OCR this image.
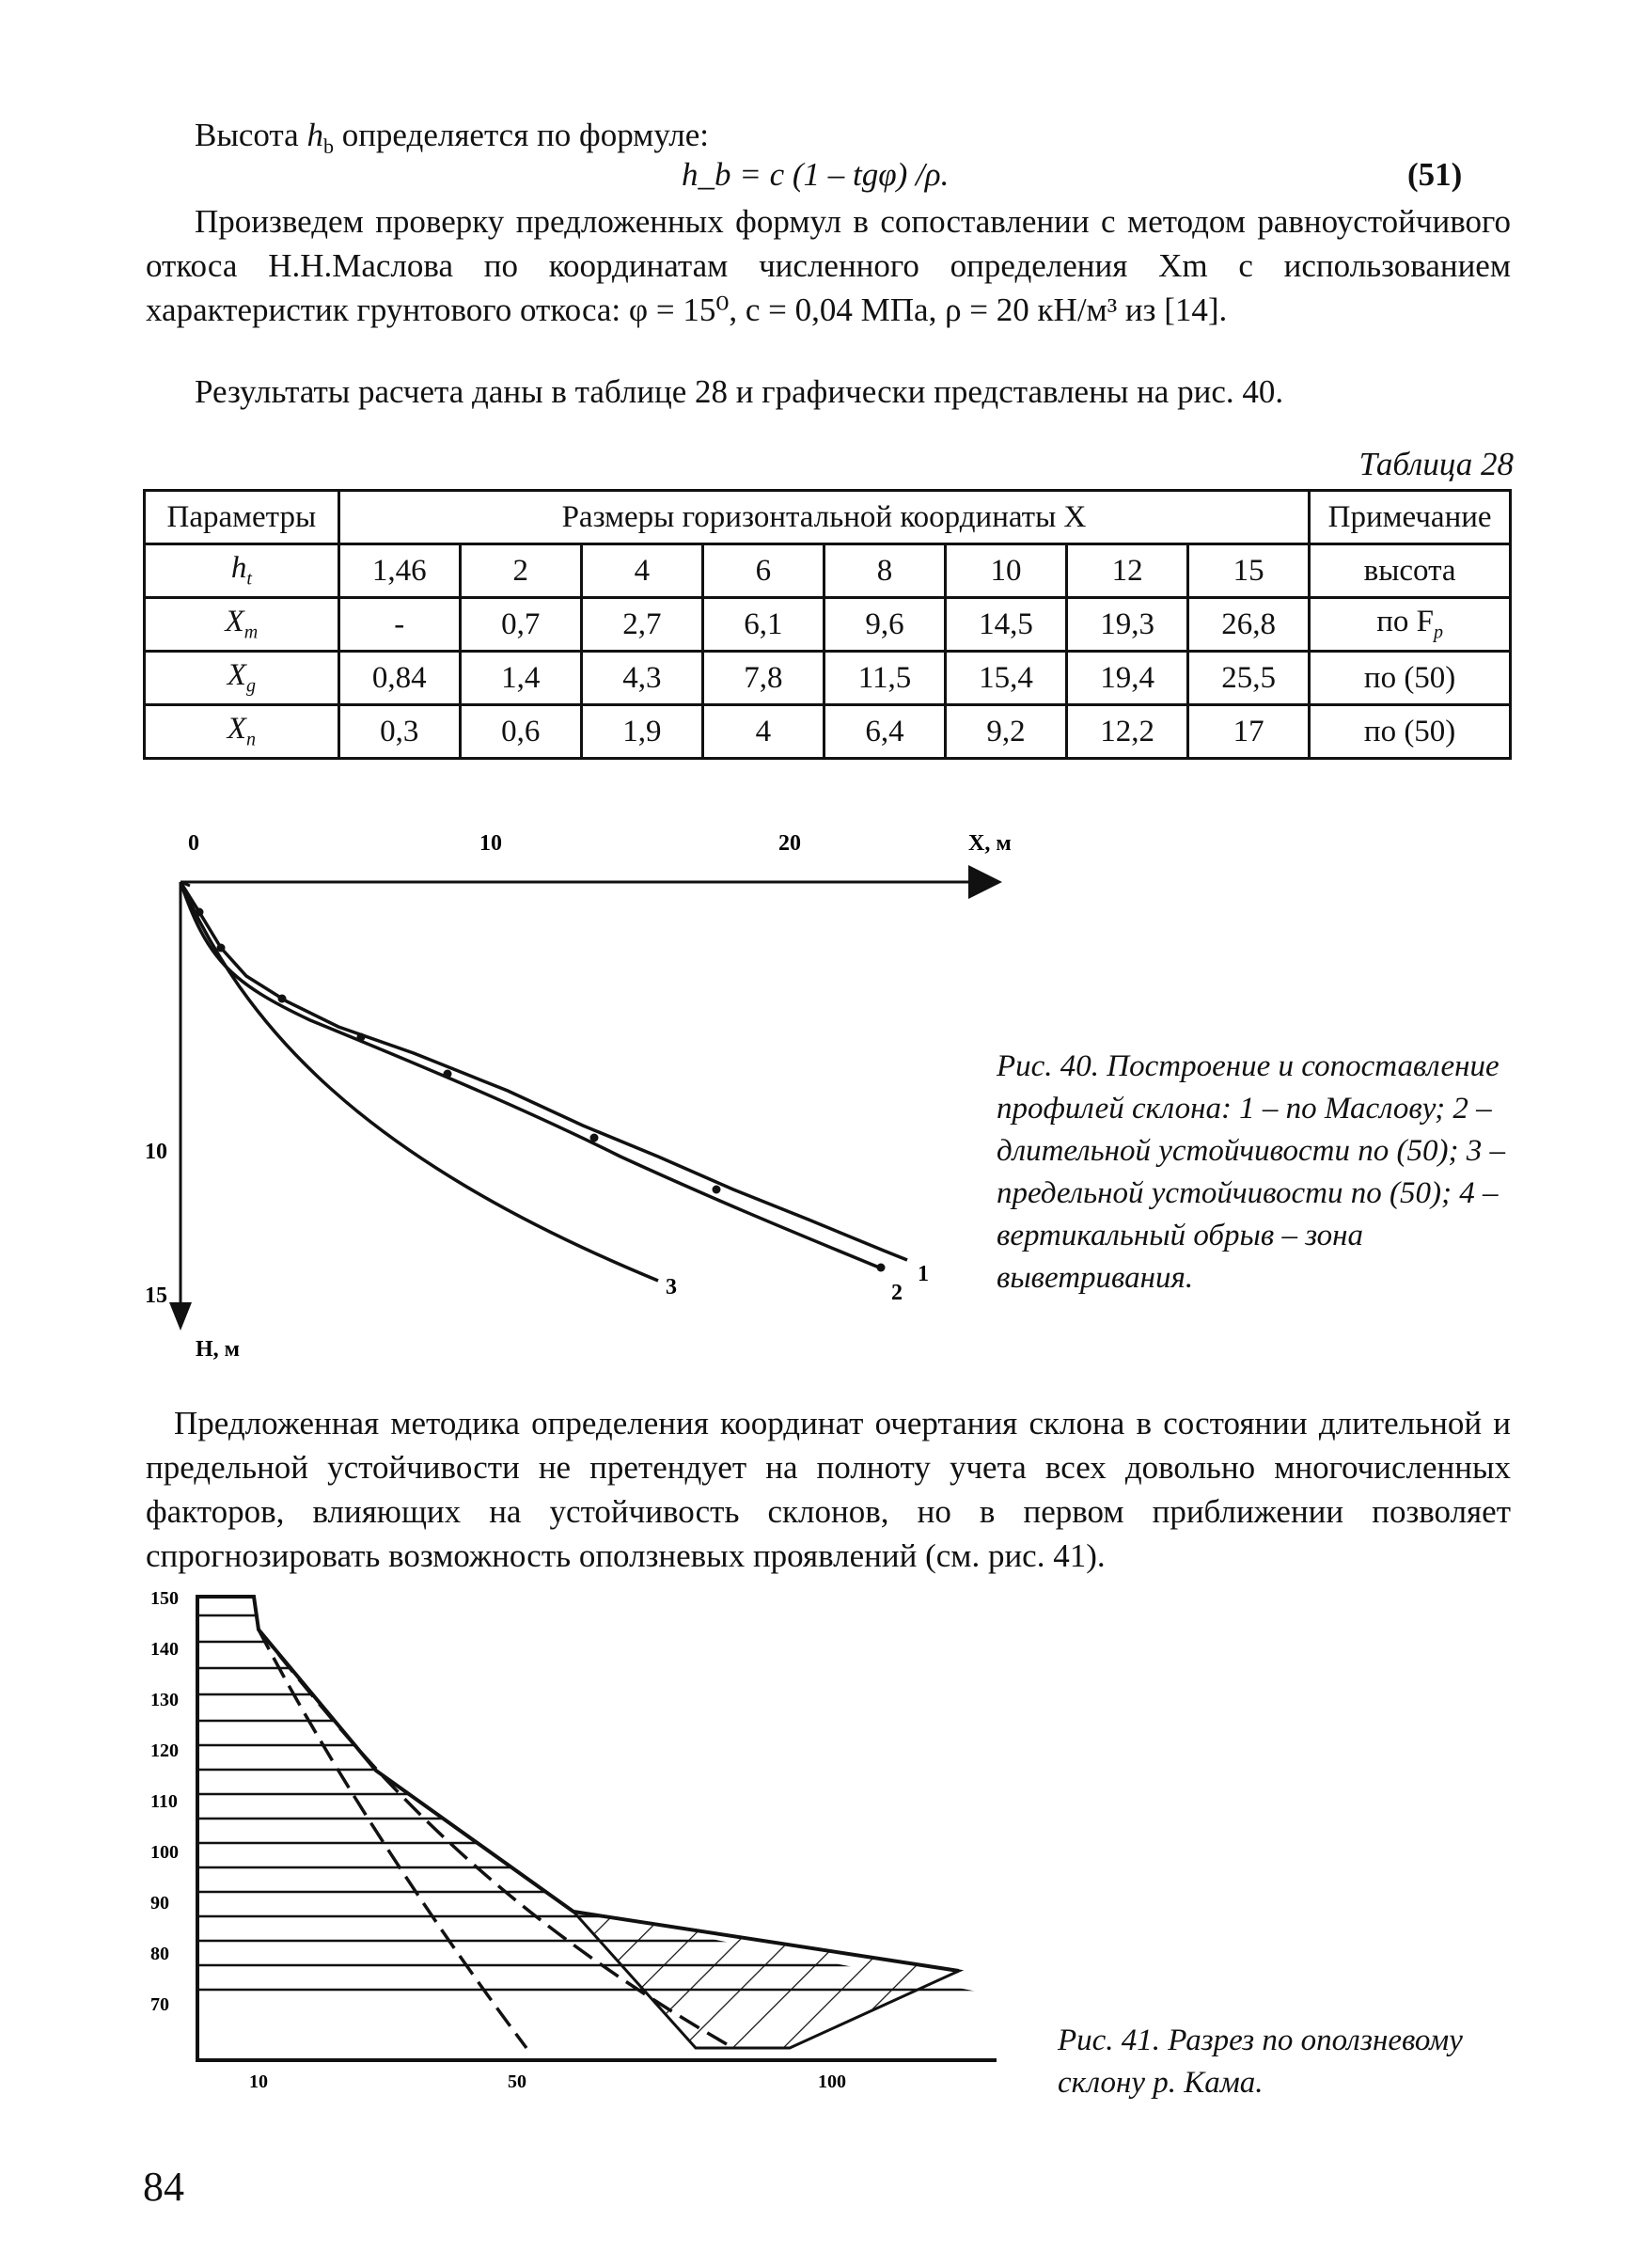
Высота $h_b$ определяется по формуле:
h_b = c (1 – tgφ) /ρ.	(51)
Произведем проверку предложенных формул в сопоставлении с методом равноустойчивого откоса Н.Н.Маслова по координатам численного определения Xm с использованием характеристик грунтового откоса: φ = 15⁰, c = 0,04 МПа, ρ = 20 кН/м³ из [14].
Результаты расчета даны в таблице 28 и графически представлены на рис. 40.
Таблица 28
Параметры	Размеры горизонтальной координаты X								Примечание
$h_t$	1,46	2	4	6	8	10	12	15	высота
$X_m$	-	0,7	2,7	6,1	9,6	14,5	19,3	26,8	по $F_p$
$X_g$	0,84	1,4	4,3	7,8	11,5	15,4	19,4	25,5	по (50)
$X_n$	0,3	0,6	1,9	4	6,4	9,2	12,2	17	по (50)
0	10	20	X, м
10
15
H, м
1
2
3
Рис. 40. Построение и сопоставление профилей склона: 1 – по Маслову; 2 – длительной устойчивости по (50); 3 – предельной устойчивости по (50); 4 – вертикальный обрыв – зона выветривания.
Предложенная методика определения координат очертания склона в состоянии длительной и предельной устойчивости не претендует на полноту учета всех довольно многочисленных факторов, влияющих на устойчивость склонов, но в первом приближении позволяет спрогнозировать возможность оползневых проявлений (см. рис. 41).
150
140
130
120
110
100
90
80
70
10	50	100
Рис. 41. Разрез по оползневому склону р. Кама.
84
